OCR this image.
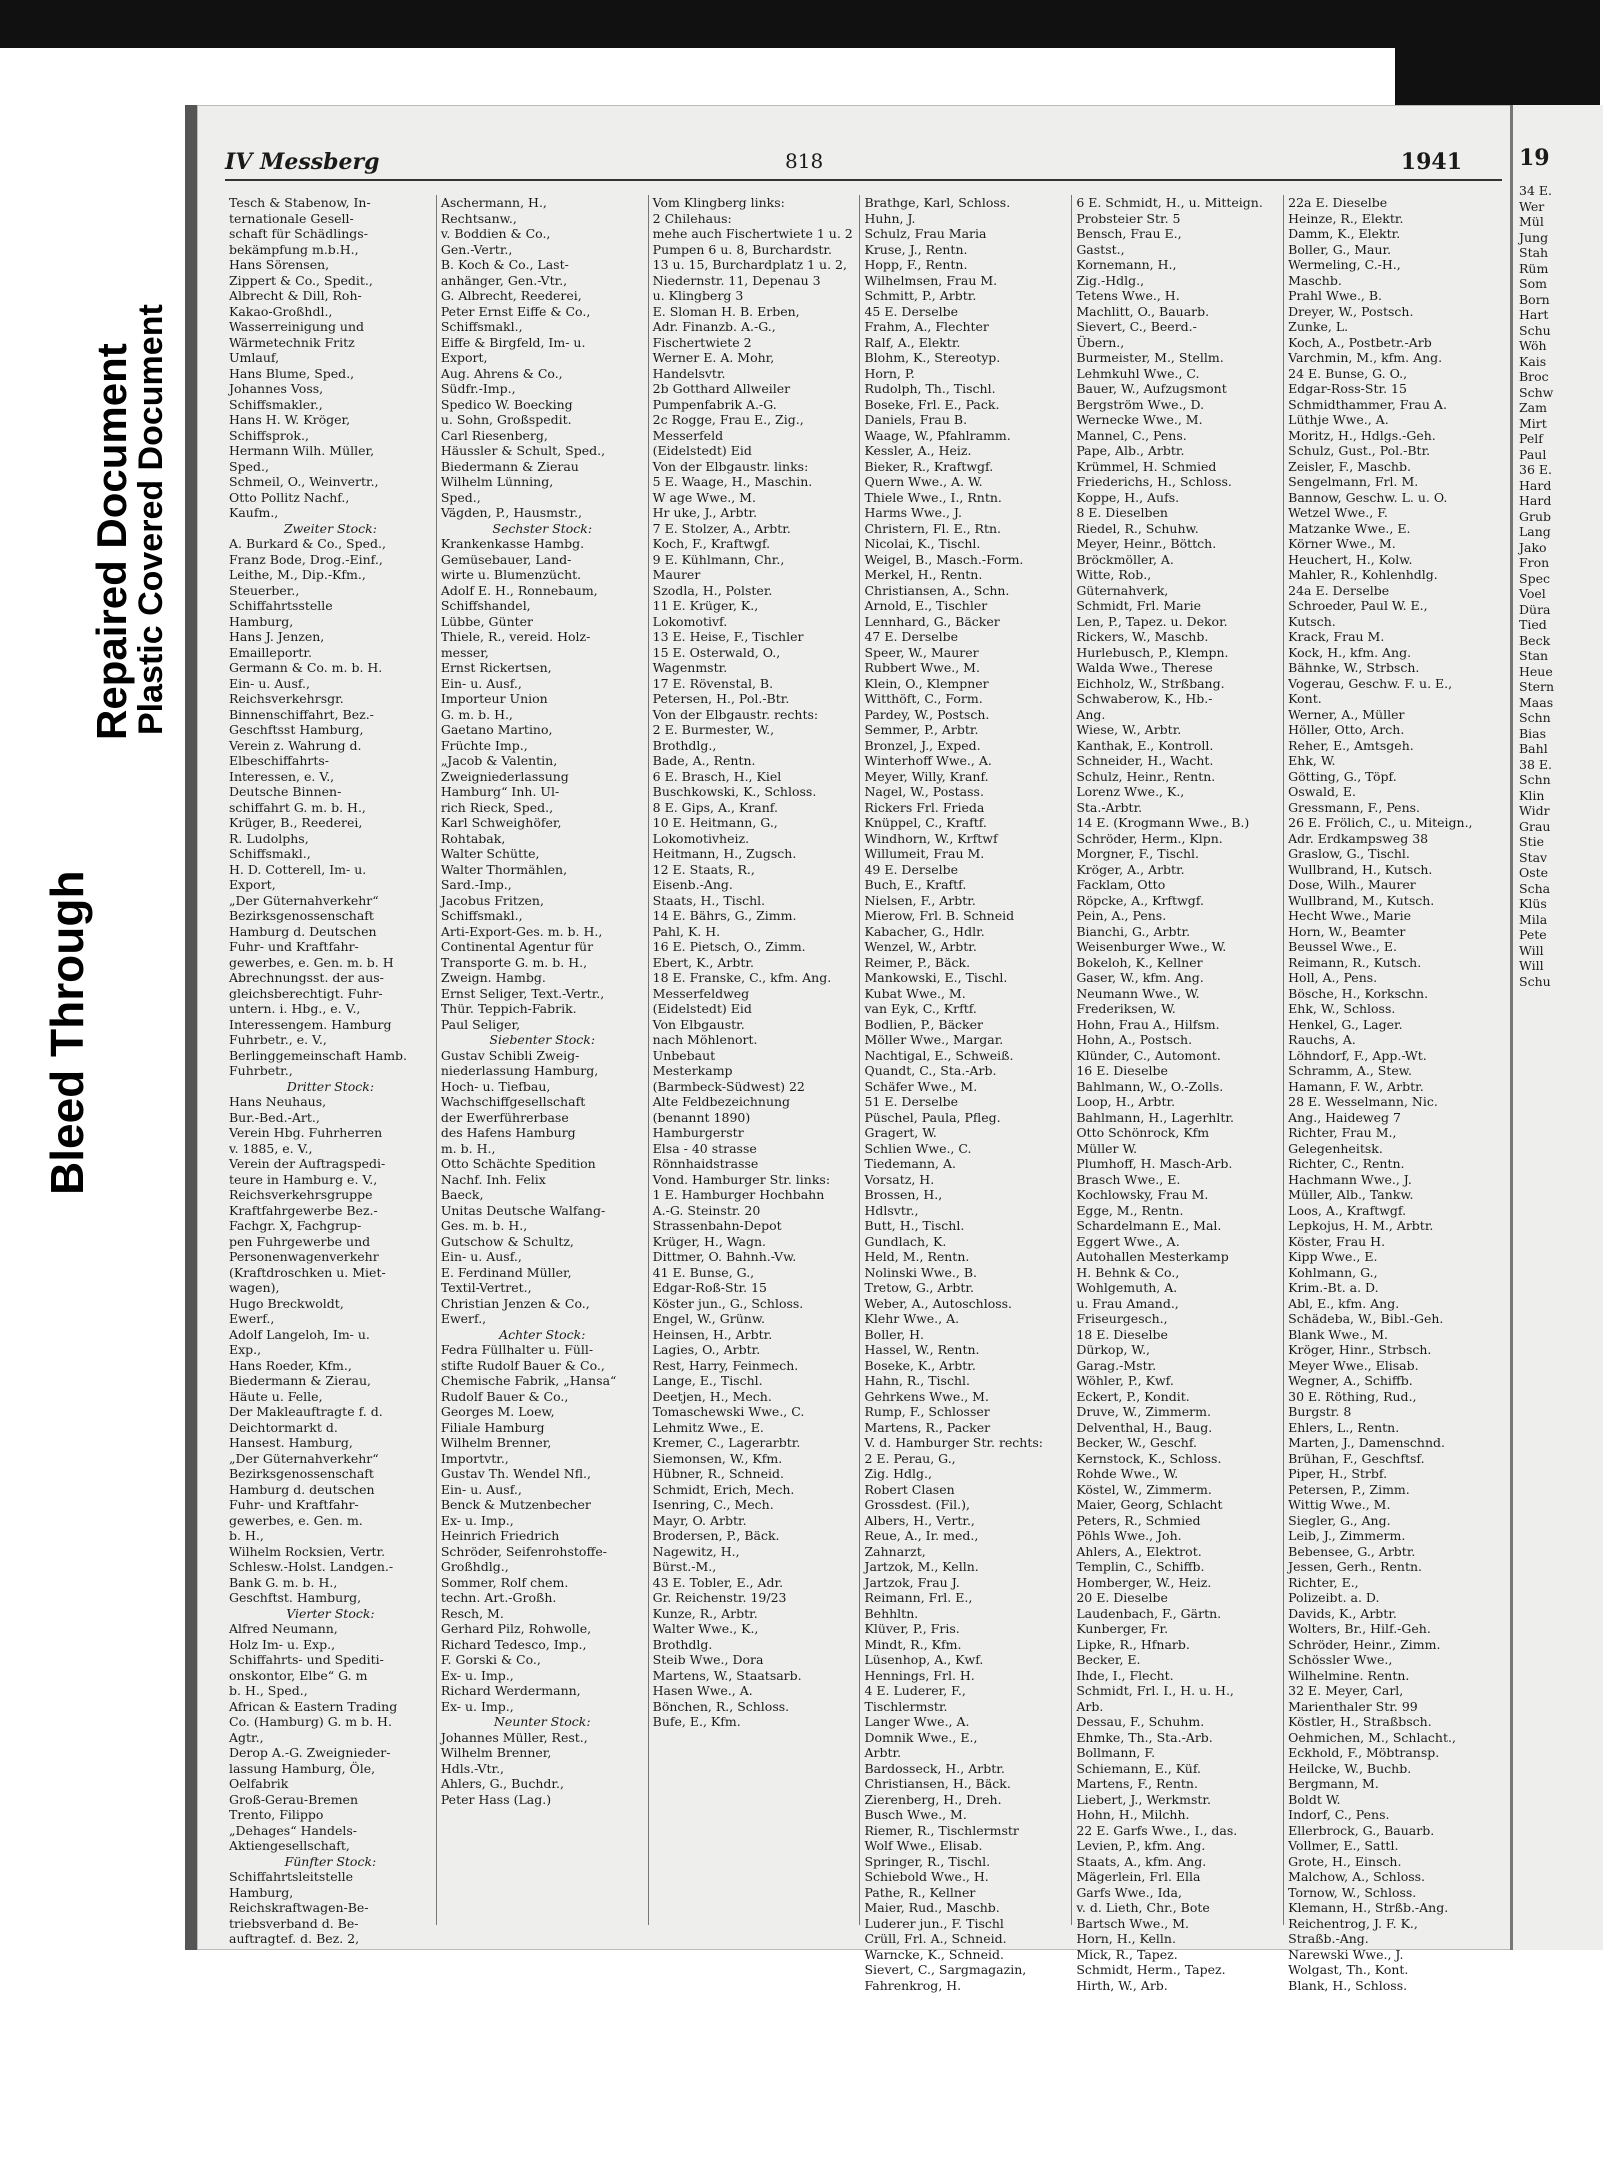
Bleed Through
Repaired Document
Plastic Covered Document
IV Messberg	818	1941

Tesch & Stabenow, In-

ternationale Gesell-

schaft für Schädlings-

bekämpfung m.b.H.,

Hans Sörensen,

Zippert & Co., Spedit.,

Albrecht & Dill, Roh-

Kakao-Großhdl.,

Wasserreinigung und

Wärmetechnik Fritz

Umlauf,

Hans Blume, Sped.,

Johannes Voss,

Schiffsmakler.,

Hans H. W. Kröger,

Schiffsprok.,

Hermann Wilh. Müller,

Sped.,

Schmeil, O., Weinvertr.,

Otto Pollitz Nachf.,

Kaufm.,

Zweiter Stock:

A. Burkard & Co., Sped.,

Franz Bode, Drog.-Einf.,

Leithe, M., Dip.-Kfm.,

Steuerber.,

Schiffahrtsstelle

Hamburg,

Hans J. Jenzen,

Emailleportr.

Germann & Co. m. b. H.

Ein- u. Ausf.,

Reichsverkehrsgr.

Binnenschiffahrt, Bez.-

Geschftsst Hamburg,

Verein z. Wahrung d.

Elbeschiffahrts-

Interessen, e. V.,

Deutsche Binnen-

schiffahrt G. m. b. H.,

Krüger, B., Reederei,

R. Ludolphs,

Schiffsmakl.,

H. D. Cotterell, Im- u.

Export,

„Der Güternahverkehr“

Bezirksgenossenschaft

Hamburg d. Deutschen

Fuhr- und Kraftfahr-

gewerbes, e. Gen. m. b. H

Abrechnungsst. der aus-

gleichsberechtigt. Fuhr-

untern. i. Hbg., e. V.,

Interessengem. Hamburg

Fuhrbetr., e. V.,

Berlinggemeinschaft Hamb.

Fuhrbetr.,

Dritter Stock:

Hans Neuhaus,

Bur.-Bed.-Art.,

Verein Hbg. Fuhrherren

v. 1885, e. V.,

Verein der Auftragspedi-

teure in Hamburg e. V.,

Reichsverkehrsgruppe

Kraftfahrgewerbe Bez.-

Fachgr. X, Fachgrup-

pen Fuhrgewerbe und

Personenwagenverkehr

(Kraftdroschken u. Miet-

wagen),

Hugo Breckwoldt,

Ewerf.,

Adolf Langeloh, Im- u.

Exp.,

Hans Roeder, Kfm.,

Biedermann & Zierau,

Häute u. Felle,

Der Makleauftragte f. d.

Deichtormarkt d.

Hansest. Hamburg,

„Der Güternahverkehr“

Bezirksgenossenschaft

Hamburg d. deutschen

Fuhr- und Kraftfahr-

gewerbes, e. Gen. m.

b. H.,

Wilhelm Rocksien, Vertr.

Schlesw.-Holst. Landgen.-

Bank G. m. b. H.,

Geschftst. Hamburg,

Vierter Stock:

Alfred Neumann,

Holz Im- u. Exp.,

Schiffahrts- und Spediti-

onskontor, Elbe“ G. m

b. H., Sped.,

African & Eastern Trading

Co. (Hamburg) G. m b. H.

Agtr.,

Derop A.-G. Zweignieder-

lassung Hamburg, Öle,

Oelfabrik

Groß-Gerau-Bremen

Trento, Filippo

„Dehages“ Handels-

Aktiengesellschaft,

Fünfter Stock:

Schiffahrtsleitstelle

Hamburg,

Reichskraftwagen-Be-

triebsverband d. Be-

auftragtef. d. Bez. 2,

Aschermann, H.,

Rechtsanw.,

v. Boddien & Co.,

Gen.-Vertr.,

B. Koch & Co., Last-

anhänger, Gen.-Vtr.,

G. Albrecht, Reederei,

Peter Ernst Eiffe & Co.,

Schiffsmakl.,

Eiffe & Birgfeld, Im- u.

Export,

Aug. Ahrens & Co.,

Südfr.-Imp.,

Spedico W. Boecking

u. Sohn, Großspedit.

Carl Riesenberg,

Häussler & Schult, Sped.,

Biedermann & Zierau

Wilhelm Lünning,

Sped.,

Vägden, P., Hausmstr.,

Sechster Stock:

Krankenkasse Hambg.

Gemüsebauer, Land-

wirte u. Blumenzücht.

Adolf E. H., Ronnebaum,

Schiffshandel,

Lübbe, Günter

Thiele, R., vereid. Holz-

messer,

Ernst Rickertsen,

Ein- u. Ausf.,

Importeur Union

G. m. b. H.,

Gaetano Martino,

Früchte Imp.,

„Jacob & Valentin,

Zweigniederlassung

Hamburg“ Inh. Ul-

rich Rieck, Sped.,

Karl Schweighöfer,

Rohtabak,

Walter Schütte,

Walter Thormählen,

Sard.-Imp.,

Jacobus Fritzen,

Schiffsmakl.,

Arti-Export-Ges. m. b. H.,

Continental Agentur für

Transporte G. m. b. H.,

Zweign. Hambg.

Ernst Seliger, Text.-Vertr.,

Thür. Teppich-Fabrik.

Paul Seliger,

Siebenter Stock:

Gustav Schibli Zweig-

niederlassung Hamburg,

Hoch- u. Tiefbau,

Wachschiffgesellschaft

der Ewerführerbase

des Hafens Hamburg

m. b. H.,

Otto Schächte Spedition

Nachf. Inh. Felix

Baeck,

Unitas Deutsche Walfang-

Ges. m. b. H.,

Gutschow & Schultz,

Ein- u. Ausf.,

E. Ferdinand Müller,

Textil-Vertret.,

Christian Jenzen & Co.,

Ewerf.,

Achter Stock:

Fedra Füllhalter u. Füll-

stifte Rudolf Bauer & Co.,

Chemische Fabrik, „Hansa“

Rudolf Bauer & Co.,

Georges M. Loew,

Filiale Hamburg

Wilhelm Brenner,

Importvtr.,

Gustav Th. Wendel Nfl.,

Ein- u. Ausf.,

Benck & Mutzenbecher

Ex- u. Imp.,

Heinrich Friedrich

Schröder, Seifenrohstoffe-

Großhdlg.,

Sommer, Rolf chem.

techn. Art.-Großh.

Resch, M.

Gerhard Pilz, Rohwolle,

Richard Tedesco, Imp.,

F. Gorski & Co.,

Ex- u. Imp.,

Richard Werdermann,

Ex- u. Imp.,

Neunter Stock:

Johannes Müller, Rest.,

Wilhelm Brenner,

Hdls.-Vtr.,

Ahlers, G., Buchdr.,

Peter Hass (Lag.)

Vom Klingberg links:

2 Chilehaus:

mehe auch Fischertwiete 1 u. 2

Pumpen 6 u. 8, Burchardstr.

13 u. 15, Burchardplatz 1 u. 2,

Niedernstr. 11, Depenau 3

u. Klingberg 3

E. Sloman H. B. Erben,

Adr. Finanzb. A.-G.,

Fischertwiete 2

Werner E. A. Mohr,

Handelsvtr.

2b Gotthard Allweiler

Pumpenfabrik A.-G.

2c Rogge, Frau E., Zig.,

Messerfeld

(Eidelstedt) Eid

Von der Elbgaustr. links:

5 E. Waage, H., Maschin.

W age Wwe., M.

Hr uke, J., Arbtr.

7 E. Stolzer, A., Arbtr.

Koch, F., Kraftwgf.

9 E. Kühlmann, Chr.,

Maurer

Szodla, H., Polster.

11 E. Krüger, K.,

Lokomotivf.

13 E. Heise, F., Tischler

15 E. Osterwald, O.,

Wagenmstr.

17 E. Rövenstal, B.

Petersen, H., Pol.-Btr.

Von der Elbgaustr. rechts:

2 E. Burmester, W.,

Brothdlg.,

Bade, A., Rentn.

6 E. Brasch, H., Kiel

Buschkowski, K., Schloss.

8 E. Gips, A., Kranf.

10 E. Heitmann, G.,

Lokomotivheiz.

Heitmann, H., Zugsch.

12 E. Staats, R.,

Eisenb.-Ang.

Staats, H., Tischl.

14 E. Bährs, G., Zimm.

Pahl, K. H.

16 E. Pietsch, O., Zimm.

Ebert, K., Arbtr.

18 E. Franske, C., kfm. Ang.

Messerfeldweg

(Eidelstedt) Eid

Von Elbgaustr.

nach Möhlenort.

Unbebaut

Mesterkamp

(Barmbeck-Südwest) 22

Alte Feldbezeichnung

(benannt 1890)

Hamburgerstr

Elsa - 40 strasse

Rönnhaidstrasse

Vond. Hamburger Str. links:

1 E. Hamburger Hochbahn

A.-G. Steinstr. 20

Strassenbahn-Depot

Krüger, H., Wagn.

Dittmer, O. Bahnh.-Vw.

41 E. Bunse, G.,

Edgar-Roß-Str. 15

Köster jun., G., Schloss.

Engel, W., Grünw.

Heinsen, H., Arbtr.

Lagies, O., Arbtr.

Rest, Harry, Feinmech.

Lange, E., Tischl.

Deetjen, H., Mech.

Tomaschewski Wwe., C.

Lehmitz Wwe., E.

Kremer, C., Lagerarbtr.

Siemonsen, W., Kfm.

Hübner, R., Schneid.

Schmidt, Erich, Mech.

Isenring, C., Mech.

Mayr, O. Arbtr.

Brodersen, P., Bäck.

Nagewitz, H.,

Bürst.-M.,

43 E. Tobler, E., Adr.

Gr. Reichenstr. 19/23

Kunze, R., Arbtr.

Walter Wwe., K.,

Brothdlg.

Steib Wwe., Dora

Martens, W., Staatsarb.

Hasen Wwe., A.

Bönchen, R., Schloss.

Bufe, E., Kfm.

Brathge, Karl, Schloss.

Huhn, J.

Schulz, Frau Maria

Kruse, J., Rentn.

Hopp, F., Rentn.

Wilhelmsen, Frau M.

Schmitt, P., Arbtr.

45 E. Derselbe

Frahm, A., Flechter

Ralf, A., Elektr.

Blohm, K., Stereotyp.

Horn, P.

Rudolph, Th., Tischl.

Boseke, Frl. E., Pack.

Daniels, Frau B.

Waage, W., Pfahlramm.

Kessler, A., Heiz.

Bieker, R., Kraftwgf.

Quern Wwe., A. W.

Thiele Wwe., I., Rntn.

Harms Wwe., J.

Christern, Fl. E., Rtn.

Nicolai, K., Tischl.

Weigel, B., Masch.-Form.

Merkel, H., Rentn.

Christiansen, A., Schn.

Arnold, E., Tischler

Lennhard, G., Bäcker

47 E. Derselbe

Speer, W., Maurer

Rubbert Wwe., M.

Klein, O., Klempner

Witthöft, C., Form.

Pardey, W., Postsch.

Semmer, P., Arbtr.

Bronzel, J., Exped.

Winterhoff Wwe., A.

Meyer, Willy, Kranf.

Nagel, W., Postass.

Rickers Frl. Frieda

Knüppel, C., Kraftf.

Windhorn, W., Krftwf

Willumeit, Frau M.

49 E. Derselbe

Buch, E., Kraftf.

Nielsen, F., Arbtr.

Mierow, Frl. B. Schneid

Kabacher, G., Hdlr.

Wenzel, W., Arbtr.

Reimer, P., Bäck.

Mankowski, E., Tischl.

Kubat Wwe., M.

van Eyk, C., Krftf.

Bodlien, P., Bäcker

Möller Wwe., Margar.

Nachtigal, E., Schweiß.

Quandt, C., Sta.-Arb.

Schäfer Wwe., M.

51 E. Derselbe

Püschel, Paula, Pfleg.

Gragert, W.

Schlien Wwe., C.

Tiedemann, A.

Vorsatz, H.

Brossen, H.,

Hdlsvtr.,

Butt, H., Tischl.

Gundlach, K.

Held, M., Rentn.

Nolinski Wwe., B.

Tretow, G., Arbtr.

Weber, A., Autoschloss.

Klehr Wwe., A.

Boller, H.

Hassel, W., Rentn.

Boseke, K., Arbtr.

Hahn, R., Tischl.

Gehrkens Wwe., M.

Rump, F., Schlosser

Martens, R., Packer

V. d. Hamburger Str. rechts:

2 E. Perau, G.,

Zig. Hdlg.,

Robert Clasen

Grossdest. (Fil.),

Albers, H., Vertr.,

Reue, A., Ir. med.,

Zahnarzt,

Jartzok, M., Kelln.

Jartzok, Frau J.

Reimann, Frl. E.,

Behhltn.

Klüver, P., Fris.

Mindt, R., Kfm.

Lüsenhop, A., Kwf.

Hennings, Frl. H.

4 E. Luderer, F.,

Tischlermstr.

Langer Wwe., A.

Domnik Wwe., E.,

Arbtr.

Bardosseck, H., Arbtr.

Christiansen, H., Bäck.

Zierenberg, H., Dreh.

Busch Wwe., M.

Riemer, R., Tischlermstr

Wolf Wwe., Elisab.

Springer, R., Tischl.

Schiebold Wwe., H.

Pathe, R., Kellner

Maier, Rud., Maschb.

Luderer jun., F. Tischl

Crüll, Frl. A., Schneid.

Warncke, K., Schneid.

Sievert, C., Sargmagazin,

Fahrenkrog, H.

6 E. Schmidt, H., u. Mitteign.

Probsteier Str. 5

Bensch, Frau E.,

Gastst.,

Kornemann, H.,

Zig.-Hdlg.,

Tetens Wwe., H.

Machlitt, O., Bauarb.

Sievert, C., Beerd.-

Übern.,

Burmeister, M., Stellm.

Lehmkuhl Wwe., C.

Bauer, W., Aufzugsmont

Bergström Wwe., D.

Wernecke Wwe., M.

Mannel, C., Pens.

Pape, Alb., Arbtr.

Krümmel, H. Schmied

Friederichs, H., Schloss.

Koppe, H., Aufs.

8 E. Dieselben

Riedel, R., Schuhw.

Meyer, Heinr., Böttch.

Bröckmöller, A.

Witte, Rob.,

Güternahverk,

Schmidt, Frl. Marie

Len, P., Tapez. u. Dekor.

Rickers, W., Maschb.

Hurlebusch, P., Klempn.

Walda Wwe., Therese

Eichholz, W., Strßbang.

Schwaberow, K., Hb.-

Ang.

Wiese, W., Arbtr.

Kanthak, E., Kontroll.

Schneider, H., Wacht.

Schulz, Heinr., Rentn.

Lorenz Wwe., K.,

Sta.-Arbtr.

14 E. (Krogmann Wwe., B.)

Schröder, Herm., Klpn.

Morgner, F., Tischl.

Kröger, A., Arbtr.

Facklam, Otto

Röpcke, A., Krftwgf.

Pein, A., Pens.

Bianchi, G., Arbtr.

Weisenburger Wwe., W.

Bokeloh, K., Kellner

Gaser, W., kfm. Ang.

Neumann Wwe., W.

Frederiksen, W.

Hohn, Frau A., Hilfsm.

Hohn, A., Postsch.

Klünder, C., Automont.

16 E. Dieselbe

Bahlmann, W., O.-Zolls.

Loop, H., Arbtr.

Bahlmann, H., Lagerhltr.

Otto Schönrock, Kfm

Müller W.

Plumhoff, H. Masch-Arb.

Brasch Wwe., E.

Kochlowsky, Frau M.

Egge, M., Rentn.

Schardelmann E., Mal.

Eggert Wwe., A.

Autohallen Mesterkamp

H. Behnk & Co.,

Wohlgemuth, A.

u. Frau Amand.,

Friseurgesch.,

18 E. Dieselbe

Dürkop, W.,

Garag.-Mstr.

Wöhler, P., Kwf.

Eckert, P., Kondit.

Druve, W., Zimmerm.

Delventhal, H., Baug.

Becker, W., Geschf.

Kernstock, K., Schloss.

Rohde Wwe., W.

Köstel, W., Zimmerm.

Maier, Georg, Schlacht

Peters, R., Schmied

Pöhls Wwe., Joh.

Ahlers, A., Elektrot.

Templin, C., Schiffb.

Homberger, W., Heiz.

20 E. Dieselbe

Laudenbach, F., Gärtn.

Kunberger, Fr.

Lipke, R., Hfnarb.

Becker, E.

Ihde, I., Flecht.

Schmidt, Frl. I., H. u. H.,

Arb.

Dessau, F., Schuhm.

Ehmke, Th., Sta.-Arb.

Bollmann, F.

Schiemann, E., Küf.

Martens, F., Rentn.

Liebert, J., Werkmstr.

Hohn, H., Milchh.

22 E. Garfs Wwe., I., das.

Levien, P., kfm. Ang.

Staats, A., kfm. Ang.

Mägerlein, Frl. Ella

Garfs Wwe., Ida,

v. d. Lieth, Chr., Bote

Bartsch Wwe., M.

Horn, H., Kelln.

Mick, R., Tapez.

Schmidt, Herm., Tapez.

Hirth, W., Arb.

22a E. Dieselbe

Heinze, R., Elektr.

Damm, K., Elektr.

Boller, G., Maur.

Wermeling, C.-H.,

Maschb.

Prahl Wwe., B.

Dreyer, W., Postsch.

Zunke, L.

Koch, A., Postbetr.-Arb

Varchmin, M., kfm. Ang.

24 E. Bunse, G. O.,

Edgar-Ross-Str. 15

Schmidthammer, Frau A.

Lüthje Wwe., A.

Moritz, H., Hdlgs.-Geh.

Schulz, Gust., Pol.-Btr.

Zeisler, F., Maschb.

Sengelmann, Frl. M.

Bannow, Geschw. L. u. O.

Wetzel Wwe., F.

Matzanke Wwe., E.

Körner Wwe., M.

Heuchert, H., Kolw.

Mahler, R., Kohlenhdlg.

24a E. Derselbe

Schroeder, Paul W. E.,

Kutsch.

Krack, Frau M.

Kock, H., kfm. Ang.

Bähnke, W., Strbsch.

Vogerau, Geschw. F. u. E.,

Kont.

Werner, A., Müller

Höller, Otto, Arch.

Reher, E., Amtsgeh.

Ehk, W.

Götting, G., Töpf.

Oswald, E.

Gressmann, F., Pens.

26 E. Frölich, C., u. Miteign.,

Adr. Erdkampsweg 38

Graslow, G., Tischl.

Wullbrand, H., Kutsch.

Dose, Wilh., Maurer

Wullbrand, M., Kutsch.

Hecht Wwe., Marie

Horn, W., Beamter

Beussel Wwe., E.

Reimann, R., Kutsch.

Holl, A., Pens.

Bösche, H., Korkschn.

Ehk, W., Schloss.

Henkel, G., Lager.

Rauchs, A.

Löhndorf, F., App.-Wt.

Schramm, A., Stew.

Hamann, F. W., Arbtr.

28 E. Wesselmann, Nic.

Ang., Haideweg 7

Richter, Frau M.,

Gelegenheitsk.

Richter, C., Rentn.

Hachmann Wwe., J.

Müller, Alb., Tankw.

Loos, A., Kraftwgf.

Lepkojus, H. M., Arbtr.

Köster, Frau H.

Kipp Wwe., E.

Kohlmann, G.,

Krim.-Bt. a. D.

Abl, E., kfm. Ang.

Schädeba, W., Bibl.-Geh.

Blank Wwe., M.

Kröger, Hinr., Strbsch.

Meyer Wwe., Elisab.

Wegner, A., Schiffb.

30 E. Röthing, Rud.,

Burgstr. 8

Ehlers, L., Rentn.

Marten, J., Damenschnd.

Brühan, F., Geschftsf.

Piper, H., Strbf.

Petersen, P., Zimm.

Wittig Wwe., M.

Siegler, G., Ang.

Leib, J., Zimmerm.

Bebensee, G., Arbtr.

Jessen, Gerh., Rentn.

Richter, E.,

Polizeibt. a. D.

Davids, K., Arbtr.

Wolters, Br., Hilf.-Geh.

Schröder, Heinr., Zimm.

Schössler Wwe.,

Wilhelmine. Rentn.

32 E. Meyer, Carl,

Marienthaler Str. 99

Köstler, H., Straßbsch.

Oehmichen, M., Schlacht.,

Eckhold, F., Möbtransp.

Heilcke, W., Buchb.

Bergmann, M.

Boldt W.

Indorf, C., Pens.

Ellerbrock, G., Bauarb.

Vollmer, E., Sattl.

Grote, H., Einsch.

Malchow, A., Schloss.

Tornow, W., Schloss.

Klemann, H., Strßb.-Ang.

Reichentrog, J. F. K.,

Straßb.-Ang.

Narewski Wwe., J.

Wolgast, Th., Kont.

Blank, H., Schloss.

19

34 E.

Wer

Mül

Jung

Stah

Rüm

Som

Born

Hart

Schu

Wöh

Kais

Broc

Schw

Zam

Mirt

Pelf

Paul

36 E.

Hard

Hard

Grub

Lang

Jako

Fron

Spec

Voel

Düra

Tied

Beck

Stan

Heue

Stern

Maas

Schn

Bias

Bahl

38 E.

Schn

Klin

Widr

Grau

Stie

Stav

Oste

Scha

Klüs

Mila

Pete

Will

Will

Schu
